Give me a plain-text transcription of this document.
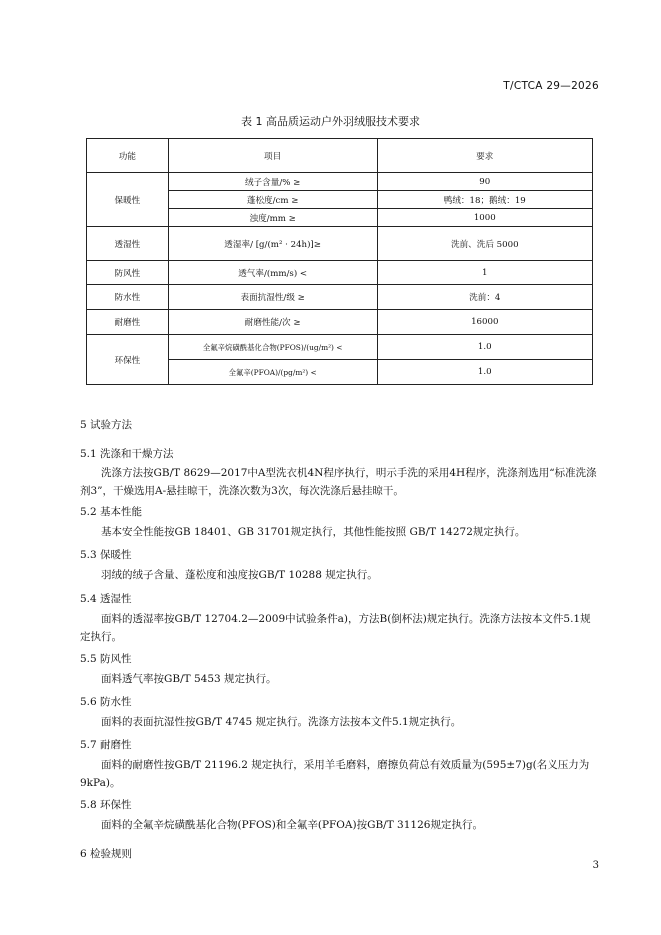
T/CTCA 29—2026
表 1 高品质运动户外羽绒服技术要求
功能	项目	要求
保暖性	绒子含量/% ≥	90
	蓬松度/cm ≥	鸭绒：18；鹅绒：19
	浊度/mm ≥	1000
透湿性	透湿率/ [g/(m² · 24h)]≥	洗前、洗后 5000
防风性	透气率/(mm/s) <	1
防水性	表面抗湿性/级 ≥	洗前：4
耐磨性	耐磨性能/次 ≥	16000
环保性	全氟辛烷磺酰基化合物(PFOS)/(ug/m²) <	1.0
	全氟辛(PFOA)/(pg/m²) <	1.0
5 试验方法
5.1 洗涤和干燥方法
洗涤方法按GB/T 8629—2017中A型洗衣机4N程序执行，明示手洗的采用4H程序，洗涤剂选用“标准洗涤剂3”，干燥选用A-悬挂晾干，洗涤次数为3次，每次洗涤后悬挂晾干。
5.2 基本性能
基本安全性能按GB 18401、GB 31701规定执行，其他性能按照 GB/T 14272规定执行。
5.3 保暖性
羽绒的绒子含量、蓬松度和浊度按GB/T 10288 规定执行。
5.4 透湿性
面料的透湿率按GB/T 12704.2—2009中试验条件a)，方法B(倒杯法)规定执行。洗涤方法按本文件5.1规定执行。
5.5 防风性
面料透气率按GB/T 5453 规定执行。
5.6 防水性
面料的表面抗湿性按GB/T 4745 规定执行。洗涤方法按本文件5.1规定执行。
5.7 耐磨性
面料的耐磨性按GB/T 21196.2 规定执行，采用羊毛磨料，磨擦负荷总有效质量为(595±7)g(名义压力为9kPa)。
5.8 环保性
面料的全氟辛烷磺酰基化合物(PFOS)和全氟辛(PFOA)按GB/T 31126规定执行。
6 检验规则
3
